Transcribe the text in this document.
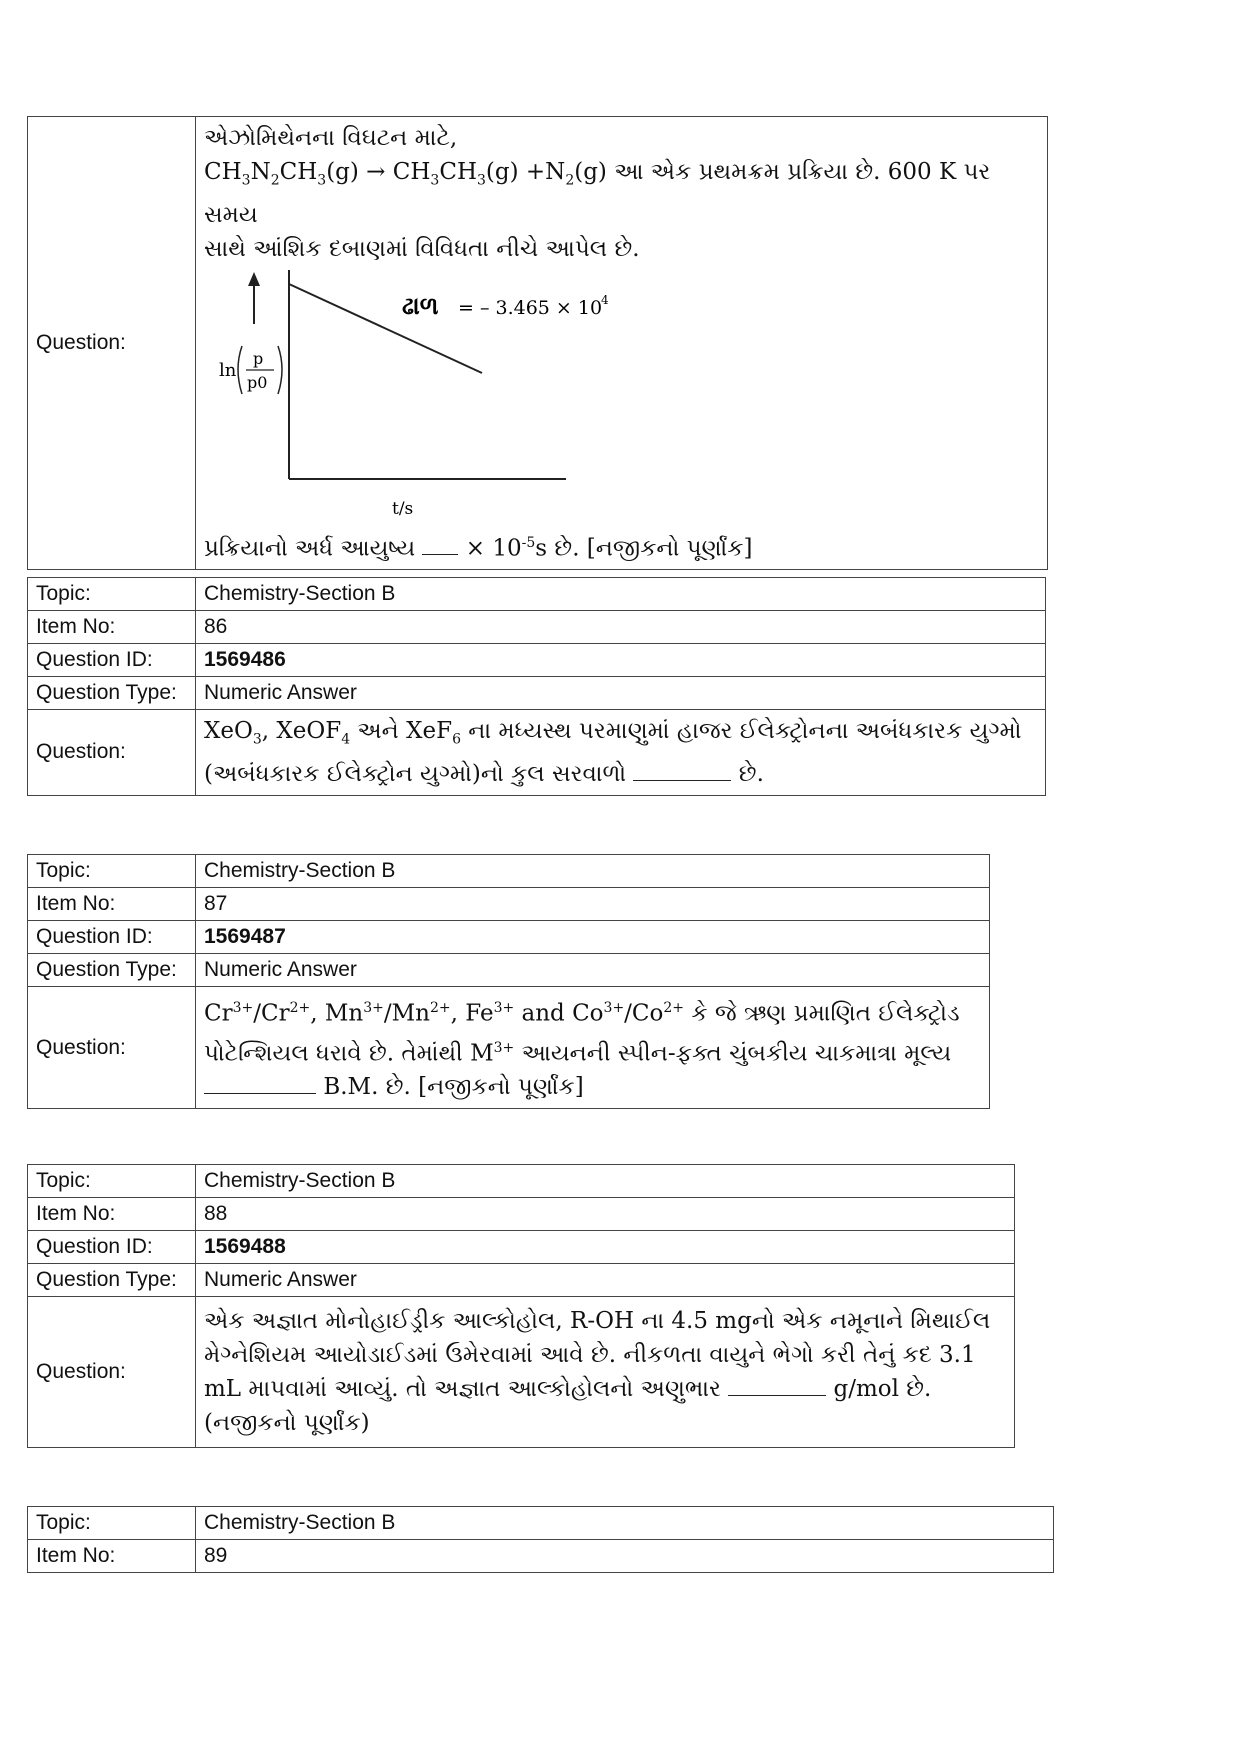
Question:	
એઝોમિથેનના વિઘટન માટે,
$CH_3N_2CH_3(g) \to CH_3CH_3(g) +N_2(g)$ આ એક પ્રથમક્રમ પ્રક્રિયા છે. 600 K પર સમય
સાથે આંશિક દબાણમાં વિવિધતા નીચે આપેલ છે.
ઢાળ = – 3.465 × 10
4
ln
p
p0
t/s
પ્રક્રિયાનો અર્ધ આયુષ્ય × $10^{-5}s$ છે. [નજીકનો પૂર્ણાંક]
Topic:	Chemistry-Section B
Item No:	86
Question ID:	1569486
Question Type:	Numeric Answer
Question:	XeO$_3$, XeOF$_4$ અને XeF$_6$ ના મધ્યસ્થ પરમાણુમાં હાજર ઈલેક્ટ્રોનના અબંધકારક યુગ્મો
(અબંધકારક ઈલેક્ટ્રોન યુગ્મો)નો કુલ સરવાળો છે.
Topic:	Chemistry-Section B
Item No:	87
Question ID:	1569487
Question Type:	Numeric Answer
Question:	$Cr^{3+}/Cr^{2+}$, $Mn^{3+}/Mn^{2+}$, $Fe^{3+}$ and $Co^{3+}/Co^{2+}$ કે જે ઋણ પ્રમાણિત ઈલેક્ટ્રોડ
પોટેન્શિયલ ધરાવે છે. તેમાંથી $M^{3+}$ આયનની સ્પીન-ફક્ત ચુંબકીય ચાકમાત્રા મૂલ્ય
B.M. છે. [નજીકનો પૂર્ણાંક]
Topic:	Chemistry-Section B
Item No:	88
Question ID:	1569488
Question Type:	Numeric Answer
Question:	એક અજ્ઞાત મોનોહાઈડ્રીક આલ્કોહોલ, R-OH ના 4.5 mgનો એક નમૂનાને મિથાઈલ
મેગ્નેશિયમ આયોડાઈડમાં ઉમેરવામાં આવે છે. નીકળતા વાયુને ભેગો કરી તેનું કદ 3.1
mL માપવામાં આવ્યું. તો અજ્ઞાત આલ્કોહોલનો અણુભાર g/mol છે.
(નજીકનો પૂર્ણાંક)
Topic:	Chemistry-Section B
Item No:	89
